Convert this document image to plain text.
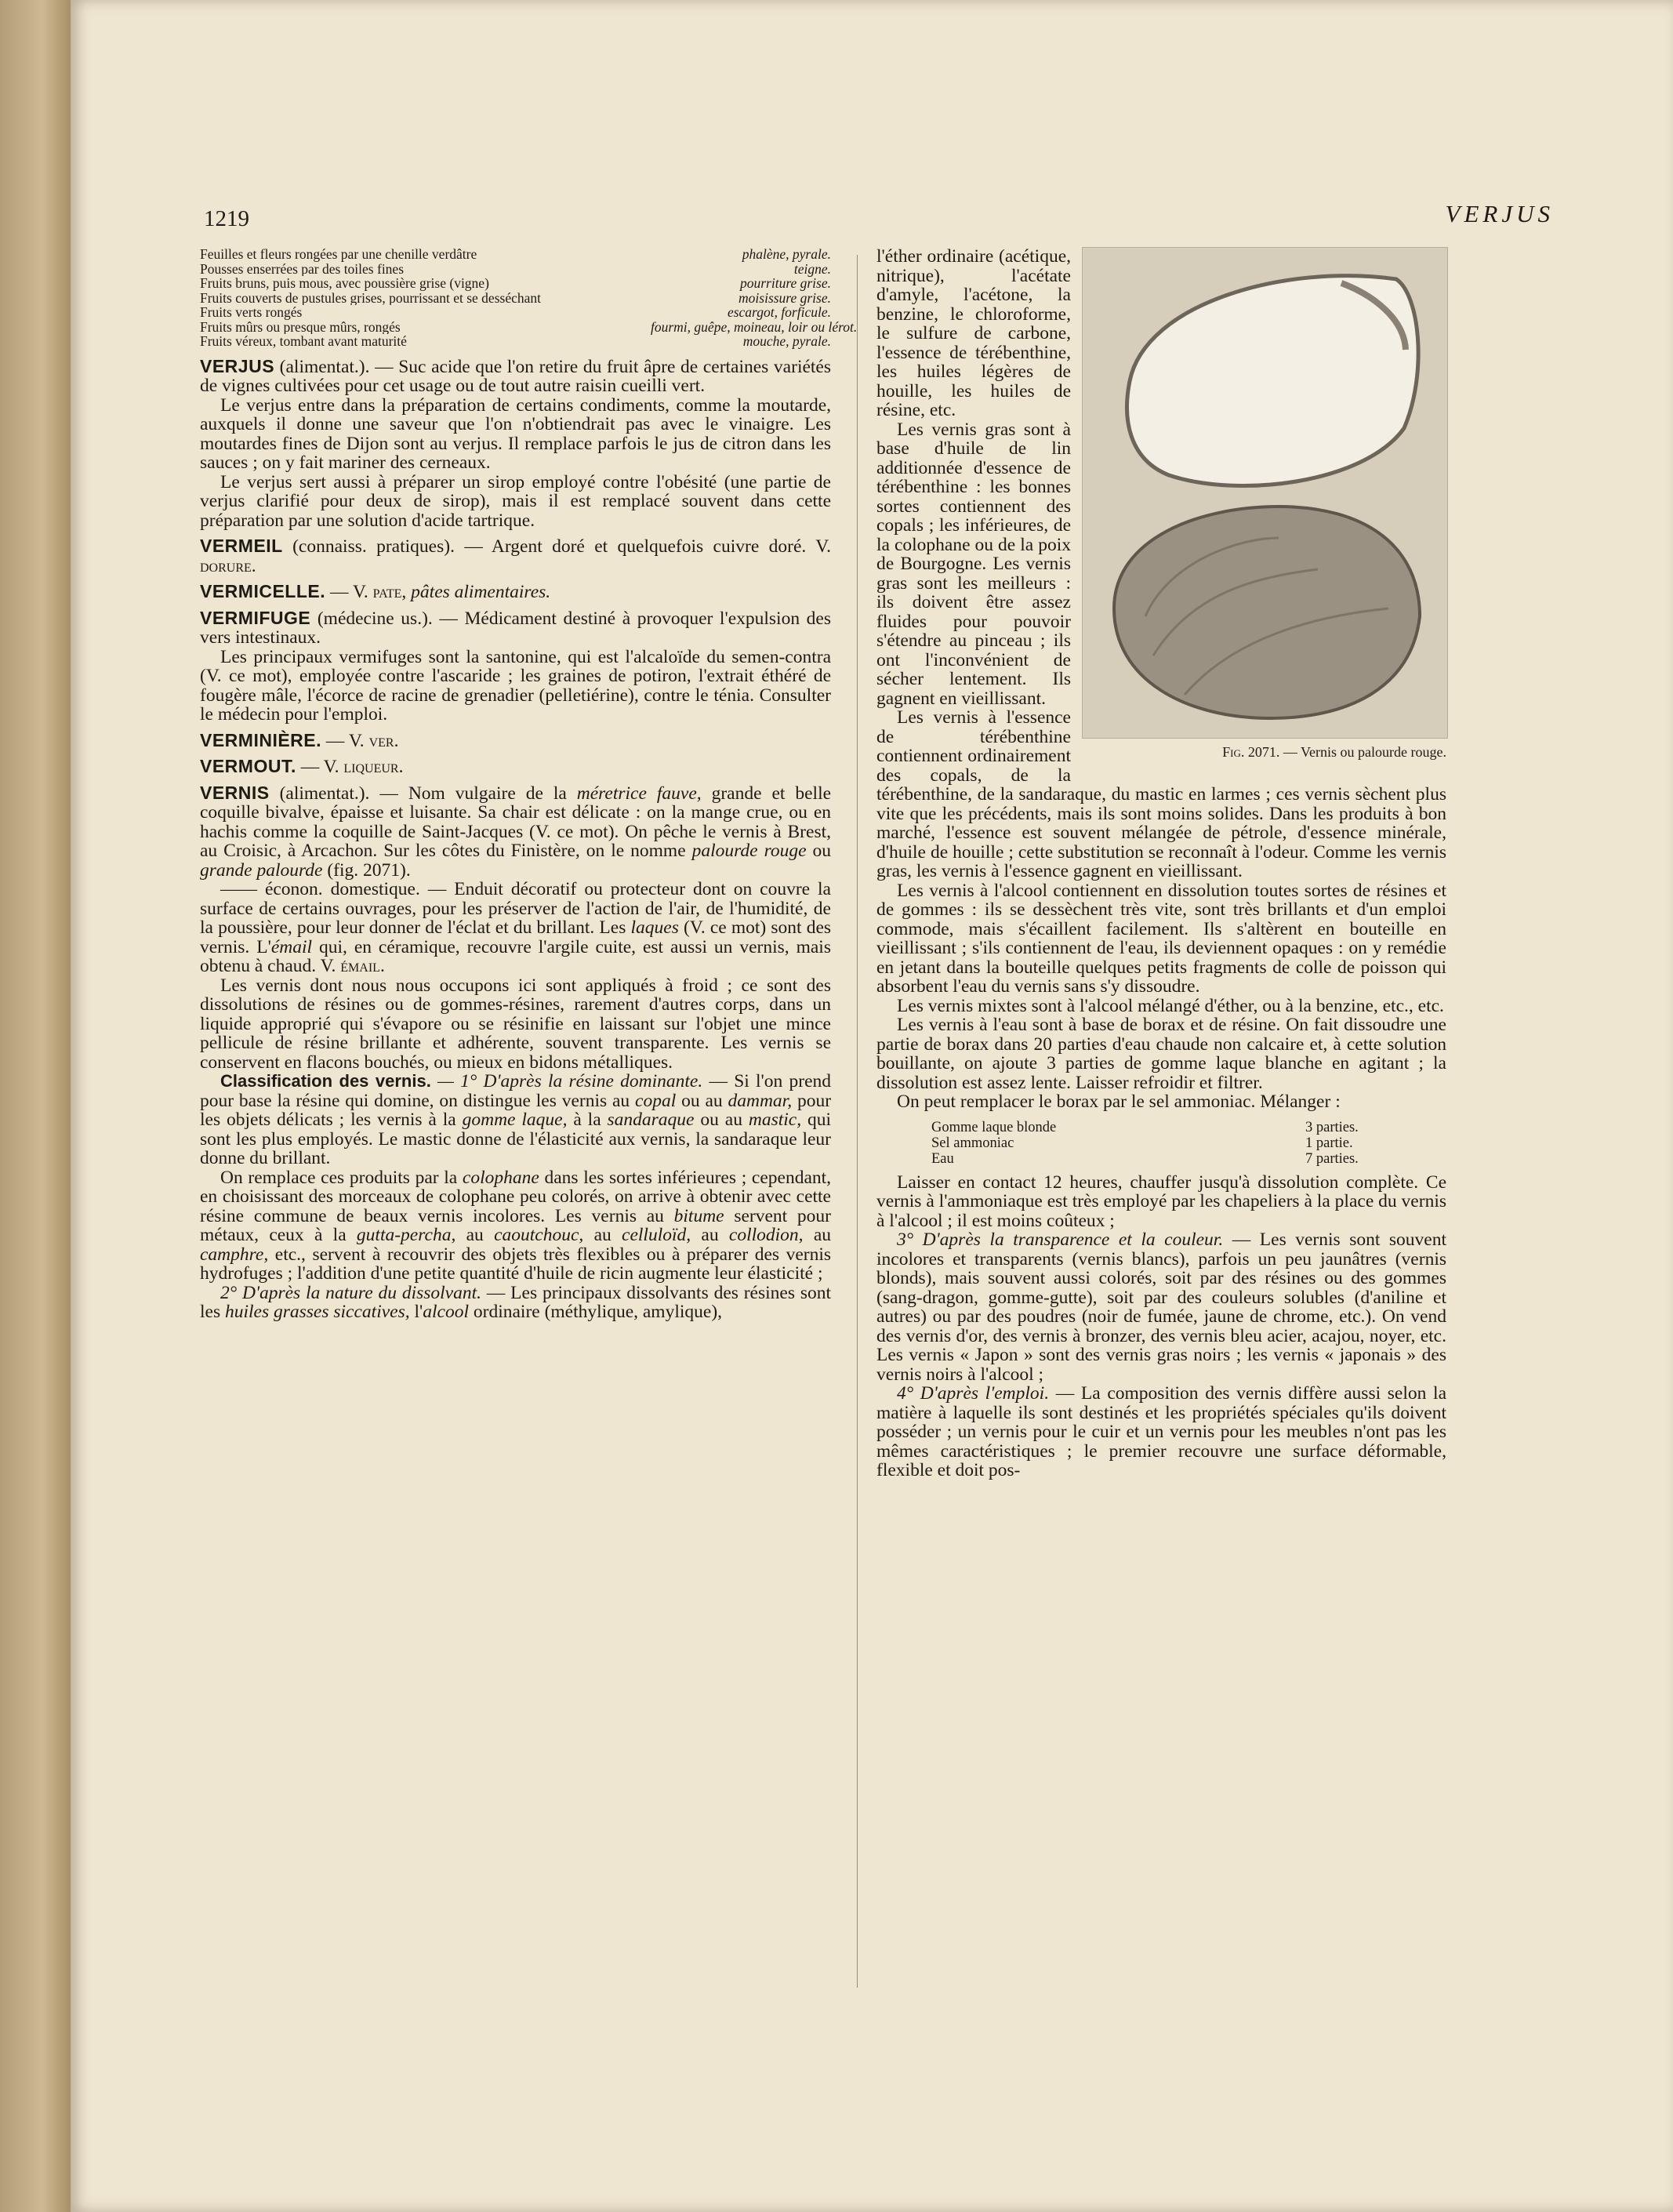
1219	VERJUS
Feuilles et fleurs rongées par une chenille verdâtre	phalène, pyrale.
Pousses enserrées par des toiles fines	teigne.
Fruits bruns, puis mous, avec poussière grise (vigne)	pourriture grise.
Fruits couverts de pustules grises, pourrissant et se desséchant	moisissure grise.
Fruits verts rongés	escargot, forficule.
Fruits mûrs ou presque mûrs, rongés	fourmi, guêpe, moineau, loir ou lérot.
Fruits véreux, tombant avant maturité	mouche, pyrale.

VERJUS (alimentat.). — Suc acide que l'on retire du fruit âpre de certaines variétés de vignes cultivées pour cet usage ou de tout autre raisin cueilli vert.

Le verjus entre dans la préparation de certains condiments, comme la moutarde, auxquels il donne une saveur que l'on n'obtiendrait pas avec le vinaigre. Les moutardes fines de Dijon sont au verjus. Il remplace parfois le jus de citron dans les sauces ; on y fait mariner des cerneaux.

Le verjus sert aussi à préparer un sirop employé contre l'obésité (une partie de verjus clarifié pour deux de sirop), mais il est remplacé souvent dans cette préparation par une solution d'acide tartrique.

VERMEIL (connaiss. pratiques). — Argent doré et quelquefois cuivre doré. V. dorure.

VERMICELLE. — V. pate, pâtes alimentaires.

VERMIFUGE (médecine us.). — Médicament destiné à provoquer l'expulsion des vers intestinaux.

Les principaux vermifuges sont la santonine, qui est l'alcaloïde du semen-contra (V. ce mot), employée contre l'ascaride ; les graines de potiron, l'extrait éthéré de fougère mâle, l'écorce de racine de grenadier (pelletiérine), contre le ténia. Consulter le médecin pour l'emploi.

VERMINIÈRE. — V. ver.

VERMOUT. — V. liqueur.

VERNIS (alimentat.). — Nom vulgaire de la méretrice fauve, grande et belle coquille bivalve, épaisse et luisante. Sa chair est délicate : on la mange crue, ou en hachis comme la coquille de Saint-Jacques (V. ce mot). On pêche le vernis à Brest, au Croisic, à Arcachon. Sur les côtes du Finistère, on le nomme palourde rouge ou grande palourde (fig. 2071).

—— éconon. domestique. — Enduit décoratif ou protecteur dont on couvre la surface de certains ouvrages, pour les préserver de l'action de l'air, de l'humidité, de la poussière, pour leur donner de l'éclat et du brillant. Les laques (V. ce mot) sont des vernis. L'émail qui, en céramique, recouvre l'argile cuite, est aussi un vernis, mais obtenu à chaud. V. émail.

Les vernis dont nous nous occupons ici sont appliqués à froid ; ce sont des dissolutions de résines ou de gommes-résines, rarement d'autres corps, dans un liquide approprié qui s'évapore ou se résinifie en laissant sur l'objet une mince pellicule de résine brillante et adhérente, souvent transparente. Les vernis se conservent en flacons bouchés, ou mieux en bidons métalliques.

Classification des vernis. — 1° D'après la résine dominante. — Si l'on prend pour base la résine qui domine, on distingue les vernis au copal ou au dammar, pour les objets délicats ; les vernis à la gomme laque, à la sandaraque ou au mastic, qui sont les plus employés. Le mastic donne de l'élasticité aux vernis, la sandaraque leur donne du brillant.

On remplace ces produits par la colophane dans les sortes inférieures ; cependant, en choisissant des morceaux de colophane peu colorés, on arrive à obtenir avec cette résine commune de beaux vernis incolores. Les vernis au bitume servent pour métaux, ceux à la gutta-percha, au caoutchouc, au celluloïd, au collodion, au camphre, etc., servent à recouvrir des objets très flexibles ou à préparer des vernis hydrofuges ; l'addition d'une petite quantité d'huile de ricin augmente leur élasticité ;

2° D'après la nature du dissolvant. — Les principaux dissolvants des résines sont les huiles grasses siccatives, l'alcool ordinaire (méthylique, amylique),

Fig. 2071. — Vernis ou palourde rouge.

l'éther ordinaire (acétique, nitrique), l'acétate d'amyle, l'acétone, la benzine, le chloroforme, le sulfure de carbone, l'essence de térébenthine, les huiles légères de houille, les huiles de résine, etc.

Les vernis gras sont à base d'huile de lin additionnée d'essence de térébenthine : les bonnes sortes contiennent des copals ; les inférieures, de la colophane ou de la poix de Bourgogne. Les vernis gras sont les meilleurs : ils doivent être assez fluides pour pouvoir s'étendre au pinceau ; ils ont l'inconvénient de sécher lentement. Ils gagnent en vieillissant.

Les vernis à l'essence de térébenthine contiennent ordinairement des copals, de la térébenthine, de la sandaraque, du mastic en larmes ; ces vernis sèchent plus vite que les précédents, mais ils sont moins solides. Dans les produits à bon marché, l'essence est souvent mélangée de pétrole, d'essence minérale, d'huile de houille ; cette substitution se reconnaît à l'odeur. Comme les vernis gras, les vernis à l'essence gagnent en vieillissant.

Les vernis à l'alcool contiennent en dissolution toutes sortes de résines et de gommes : ils se dessèchent très vite, sont très brillants et d'un emploi commode, mais s'écaillent facilement. Ils s'altèrent en bouteille en vieillissant ; s'ils contiennent de l'eau, ils deviennent opaques : on y remédie en jetant dans la bouteille quelques petits fragments de colle de poisson qui absorbent l'eau du vernis sans s'y dissoudre.

Les vernis mixtes sont à l'alcool mélangé d'éther, ou à la benzine, etc., etc.

Les vernis à l'eau sont à base de borax et de résine. On fait dissoudre une partie de borax dans 20 parties d'eau chaude non calcaire et, à cette solution bouillante, on ajoute 3 parties de gomme laque blanche en agitant ; la dissolution est assez lente. Laisser refroidir et filtrer.

On peut remplacer le borax par le sel ammoniac. Mélanger :

Gomme laque blonde	3 parties.
Sel ammoniac	1 partie.
Eau	7 parties.

Laisser en contact 12 heures, chauffer jusqu'à dissolution complète. Ce vernis à l'ammoniaque est très employé par les chapeliers à la place du vernis à l'alcool ; il est moins coûteux ;

3° D'après la transparence et la couleur. — Les vernis sont souvent incolores et transparents (vernis blancs), parfois un peu jaunâtres (vernis blonds), mais souvent aussi colorés, soit par des résines ou des gommes (sang-dragon, gomme-gutte), soit par des couleurs solubles (d'aniline et autres) ou par des poudres (noir de fumée, jaune de chrome, etc.). On vend des vernis d'or, des vernis à bronzer, des vernis bleu acier, acajou, noyer, etc. Les vernis « Japon » sont des vernis gras noirs ; les vernis « japonais » des vernis noirs à l'alcool ;

4° D'après l'emploi. — La composition des vernis diffère aussi selon la matière à laquelle ils sont destinés et les propriétés spéciales qu'ils doivent posséder ; un vernis pour le cuir et un vernis pour les meubles n'ont pas les mêmes caractéristiques ; le premier recouvre une surface déformable, flexible et doit pos-
